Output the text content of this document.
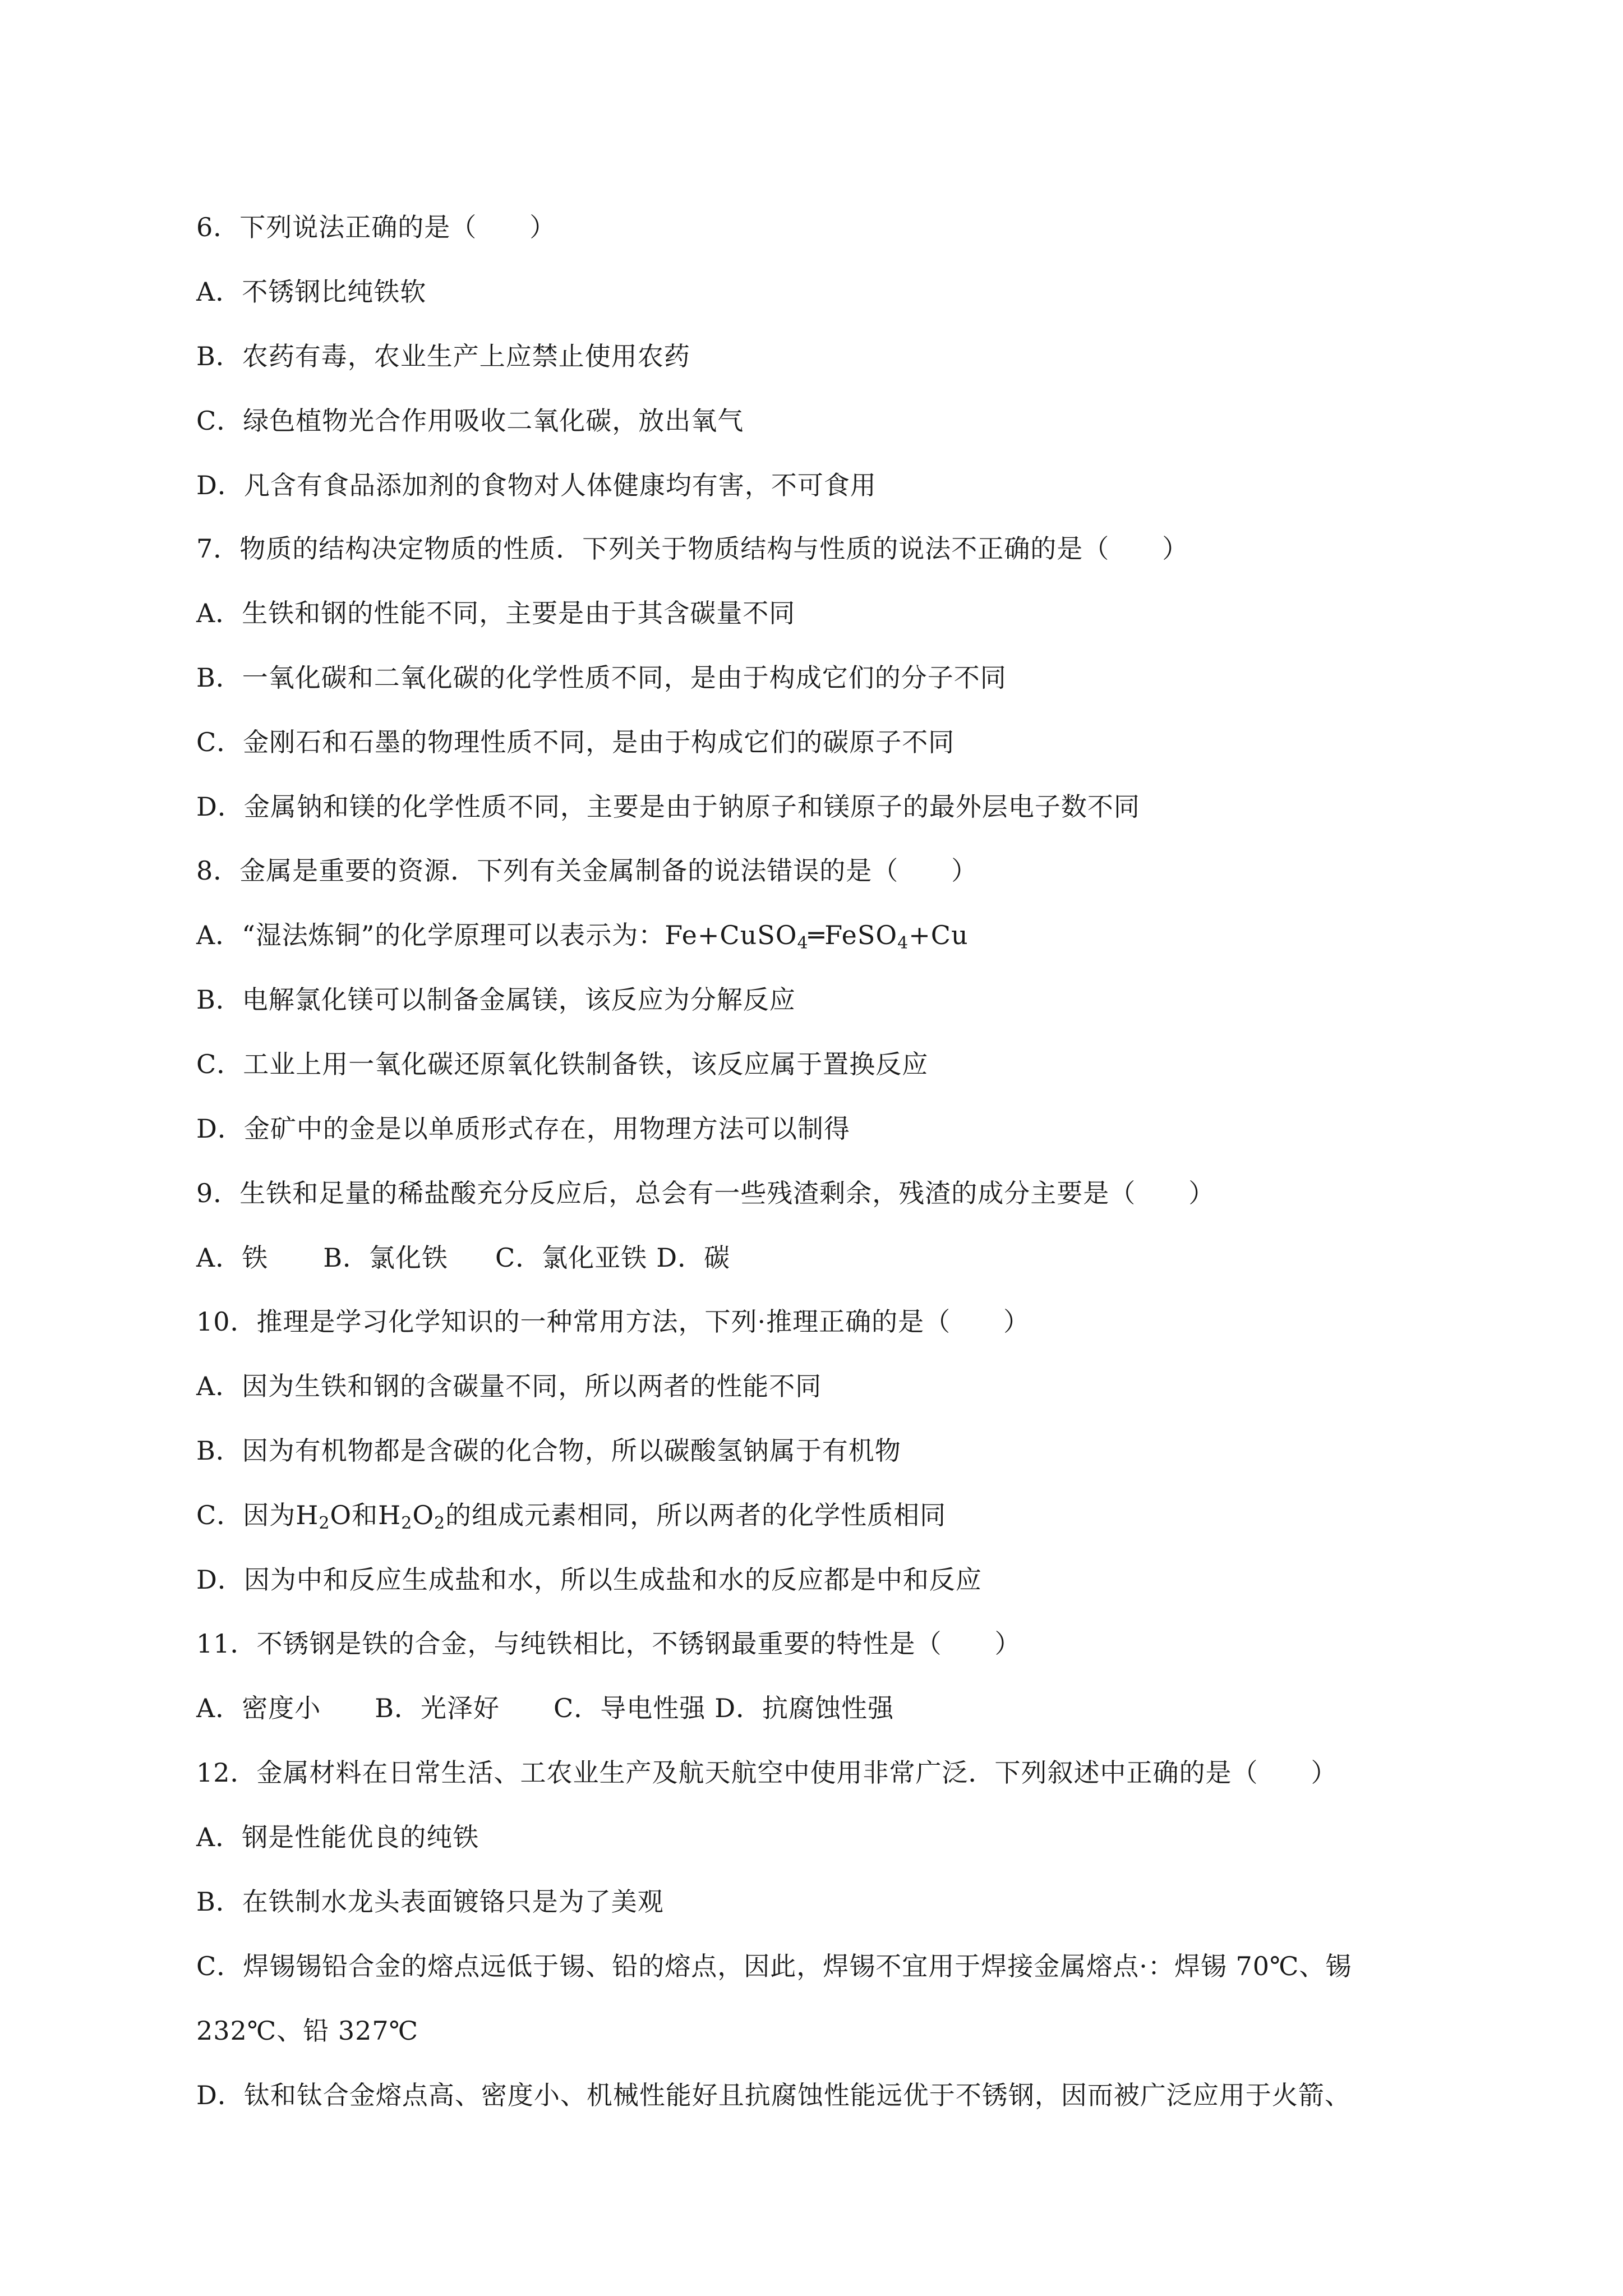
6．下列说法正确的是（　　）
A．不锈钢比纯铁软
B．农药有毒，农业生产上应禁止使用农药
C．绿色植物光合作用吸收二氧化碳，放出氧气
D．凡含有食品添加剂的食物对人体健康均有害，不可食用
7．物质的结构决定物质的性质．下列关于物质结构与性质的说法不正确的是（　　）
A．生铁和钢的性能不同，主要是由于其含碳量不同
B．一氧化碳和二氧化碳的化学性质不同，是由于构成它们的分子不同
C．金刚石和石墨的物理性质不同，是由于构成它们的碳原子不同
D．金属钠和镁的化学性质不同，主要是由于钠原子和镁原子的最外层电子数不同
8．金属是重要的资源．下列有关金属制备的说法错误的是（　　）
A．“湿法炼铜”的化学原理可以表示为：Fe+CuSO$_4$═FeSO$_4$+Cu
B．电解氯化镁可以制备金属镁，该反应为分解反应
C．工业上用一氧化碳还原氧化铁制备铁，该反应属于置换反应
D．金矿中的金是以单质形式存在，用物理方法可以制得
9．生铁和足量的稀盐酸充分反应后，总会有一些残渣剩余，残渣的成分主要是（　　）
A．铁 B．氯化铁 C．氯化亚铁 D．碳
10．推理是学习化学知识的一种常用方法，下列·推理正确的是（　　）
A．因为生铁和钢的含碳量不同，所以两者的性能不同
B．因为有机物都是含碳的化合物，所以碳酸氢钠属于有机物
C．因为$H_2O$和$H_2O_2$的组成元素相同，所以两者的化学性质相同
D．因为中和反应生成盐和水，所以生成盐和水的反应都是中和反应
11．不锈钢是铁的合金，与纯铁相比，不锈钢最重要的特性是（　　）
A．密度小 B．光泽好 C．导电性强 D．抗腐蚀性强
12．金属材料在日常生活、工农业生产及航天航空中使用非常广泛．下列叙述中正确的是（　　）
A．钢是性能优良的纯铁
B．在铁制水龙头表面镀铬只是为了美观
C．焊锡锡铅合金的熔点远低于锡、铅的熔点，因此，焊锡不宜用于焊接金属熔点·：焊锡 70℃、锡
232℃、铅 327℃
D．钛和钛合金熔点高、密度小、机械性能好且抗腐蚀性能远优于不锈钢，因而被广泛应用于火箭、
